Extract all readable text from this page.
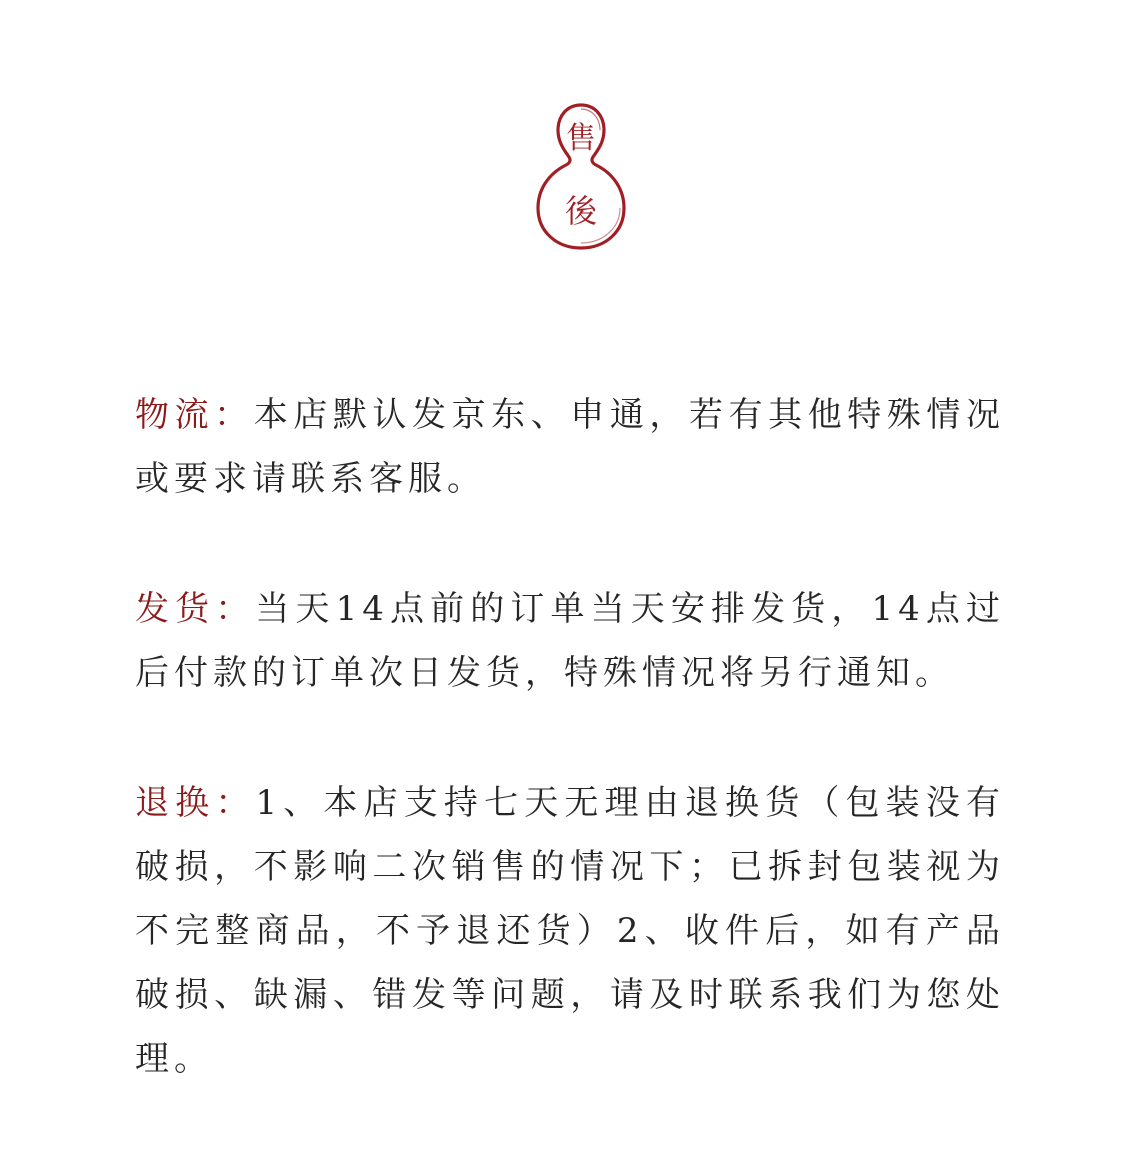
售
後

物流：本店默认发京东、申通，若有其他特殊情况或要求请联系客服。

发货：当天14点前的订单当天安排发货，14点过后付款的订单次日发货，特殊情况将另行通知。

退换：1、本店支持七天无理由退换货（包装没有破损，不影响二次销售的情况下；已拆封包装视为不完整商品，不予退还货）2、收件后，如有产品破损、缺漏、错发等问题，请及时联系我们为您处理。
